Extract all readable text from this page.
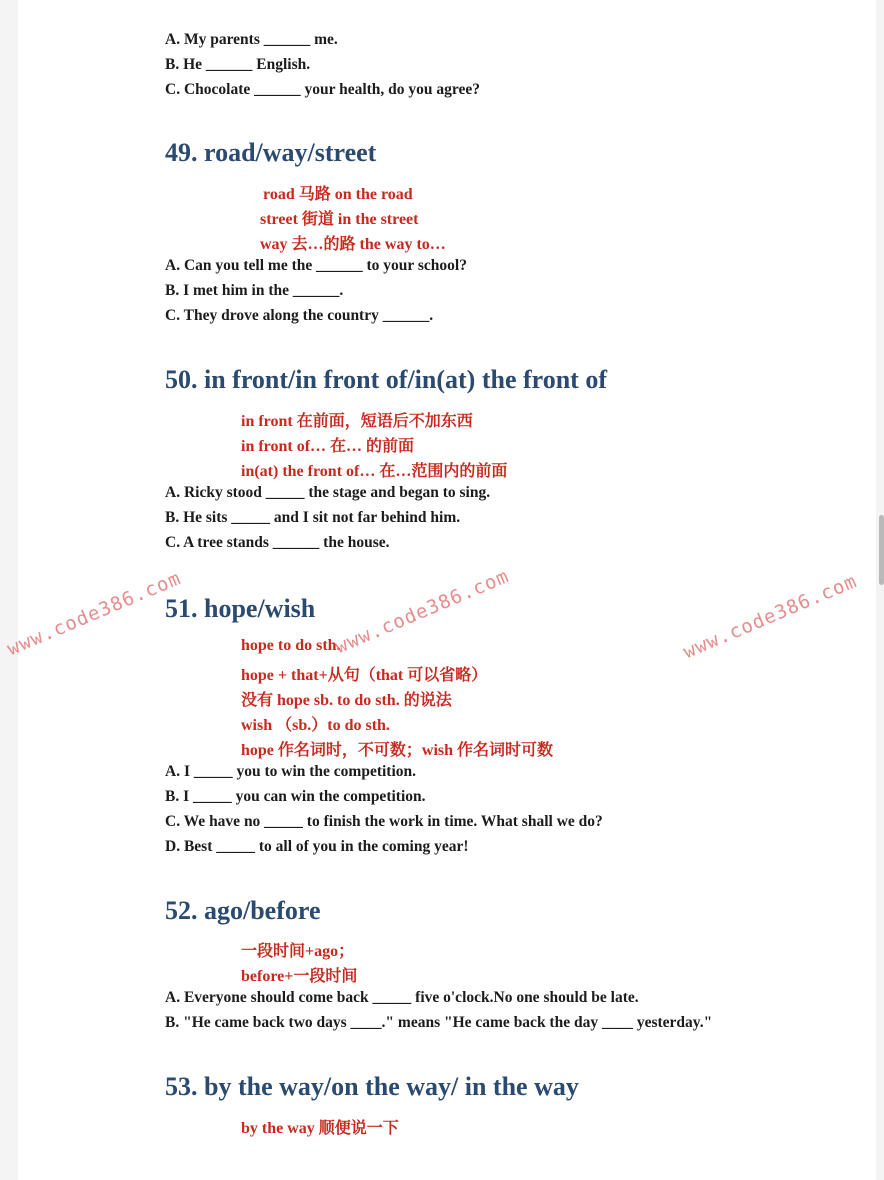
A. My parents ______ me.
B. He ______ English.
C. Chocolate ______ your health, do you agree?
49. road/way/street
road 马路 on the road
street 街道 in the street
way 去…的路 the way to…
A. Can you tell me the ______ to your school?
B. I met him in the ______.
C. They drove along the country ______.
50. in front/in front of/in(at) the front of
in front 在前面，短语后不加东西
in front of… 在… 的前面
in(at) the front of… 在…范围内的前面
A. Ricky stood _____ the stage and began to sing.
B. He sits _____ and I sit not far behind him.
C. A tree stands ______ the house.
51. hope/wish
hope to do sth.
hope + that+从句（that 可以省略）
没有 hope sb. to do sth. 的说法
wish （sb.）to do sth.
hope 作名词时，不可数；wish 作名词时可数
A. I _____ you to win the competition.
B. I _____ you can win the competition.
C. We have no _____ to finish the work in time. What shall we do?
D. Best _____ to all of you in the coming year!
52. ago/before
一段时间+ago；
before+一段时间
A. Everyone should come back _____ five o'clock.No one should be late.
B. "He came back two days ____." means "He came back the day ____ yesterday."
53. by the way/on the way/ in the way
by the way 顺便说一下
www.code386.com	www.code386.com	www.code386.com
